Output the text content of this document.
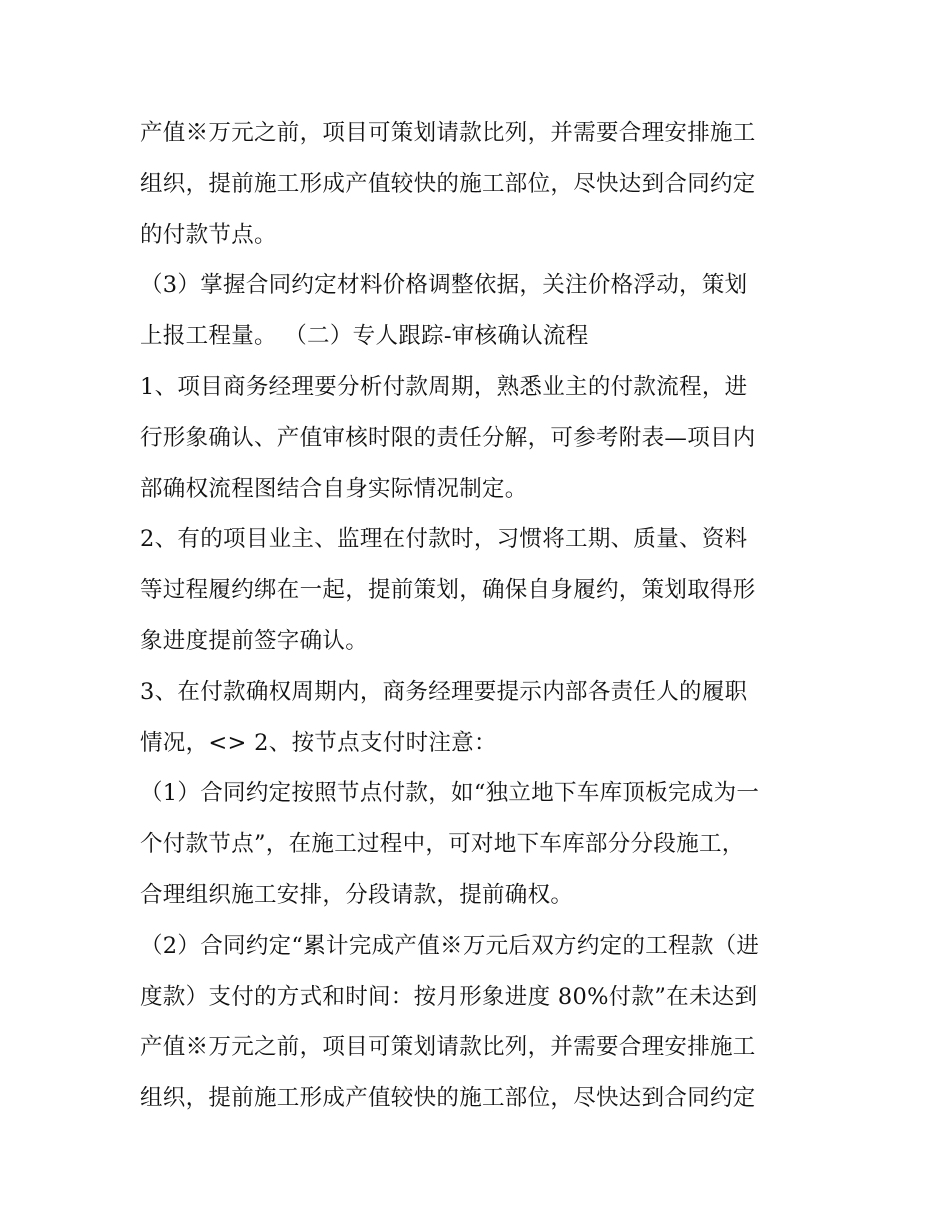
产值※万元之前，项目可策划请款比列，并需要合理安排施工
组织，提前施工形成产值较快的施工部位，尽快达到合同约定
的付款节点。
（3）掌握合同约定材料价格调整依据，关注价格浮动，策划
上报工程量。 （二）专人跟踪-审核确认流程
1、项目商务经理要分析付款周期，熟悉业主的付款流程，进
行形象确认、产值审核时限的责任分解，可参考附表—项目内
部确权流程图结合自身实际情况制定。
2、有的项目业主、监理在付款时，习惯将工期、质量、资料
等过程履约绑在一起，提前策划，确保自身履约，策划取得形
象进度提前签字确认。
3、在付款确权周期内，商务经理要提示内部各责任人的履职
情况，<> 2、按节点支付时注意：
（1）合同约定按照节点付款，如“独立地下车库顶板完成为一
个付款节点”，在施工过程中，可对地下车库部分分段施工，
合理组织施工安排，分段请款，提前确权。
（2）合同约定“累计完成产值※万元后双方约定的工程款（进
度款）支付的方式和时间：按月形象进度 80%付款”在未达到
产值※万元之前，项目可策划请款比列，并需要合理安排施工
组织，提前施工形成产值较快的施工部位，尽快达到合同约定
